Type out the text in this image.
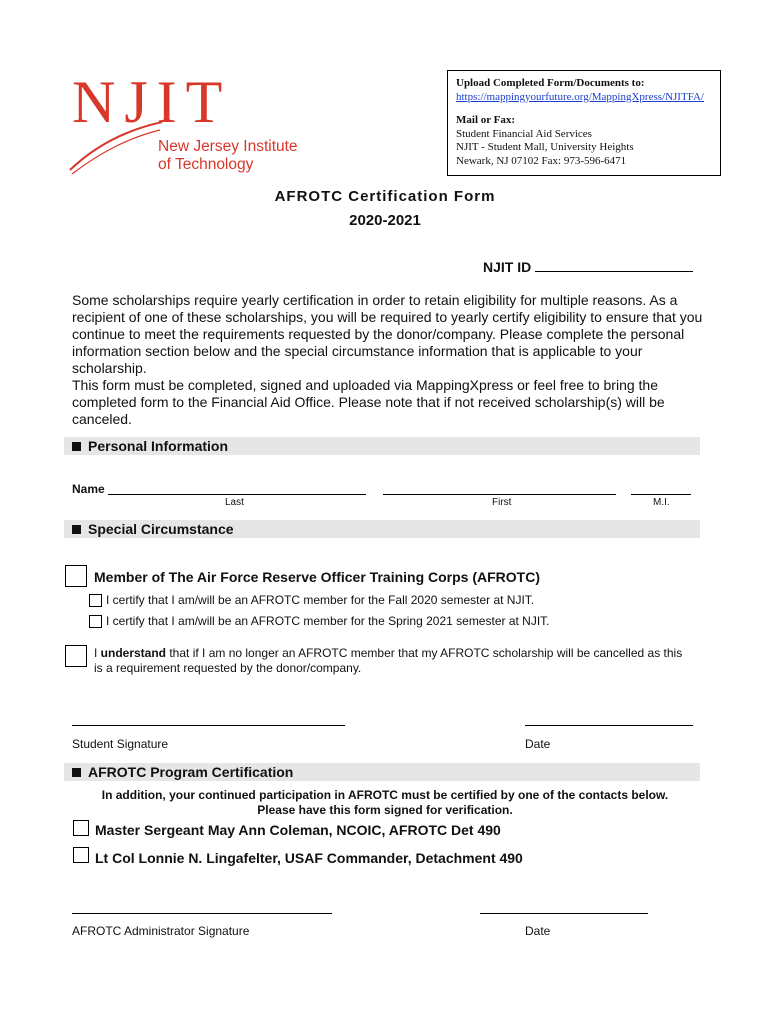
NJIT
New Jersey Institute
of Technology
Upload Completed Form/Documents to:
https://mappingyourfuture.org/MappingXpress/NJITFA/
Mail or Fax:
Student Financial Aid Services
NJIT - Student Mall, University Heights
Newark, NJ 07102 Fax: 973-596-6471
AFROTC Certification Form
2020-2021
NJIT ID
Some scholarships require yearly certification in order to retain eligibility for multiple reasons. As a recipient of one of these scholarships, you will be required to yearly certify eligibility to ensure that you continue to meet the requirements requested by the donor/company. Please complete the personal information section below and the special circumstance information that is applicable to your scholarship.
This form must be completed, signed and uploaded via MappingXpress or feel free to bring the completed form to the Financial Aid Office. Please note that if not received scholarship(s) will be canceled.
Personal Information
Name
Last	First	M.I.
Special Circumstance
Member of The Air Force Reserve Officer Training Corps (AFROTC)
I certify that I am/will be an AFROTC member for the Fall 2020 semester at NJIT.
I certify that I am/will be an AFROTC member for the Spring 2021 semester at NJIT.
I understand that if I am no longer an AFROTC member that my AFROTC scholarship will be cancelled as this
is a requirement requested by the donor/company.
Student Signature	Date
AFROTC Program Certification
In addition, your continued participation in AFROTC must be certified by one of the contacts below.
Please have this form signed for verification.
Master Sergeant May Ann Coleman, NCOIC, AFROTC Det 490
Lt Col Lonnie N. Lingafelter, USAF Commander, Detachment 490
AFROTC Administrator Signature	Date
